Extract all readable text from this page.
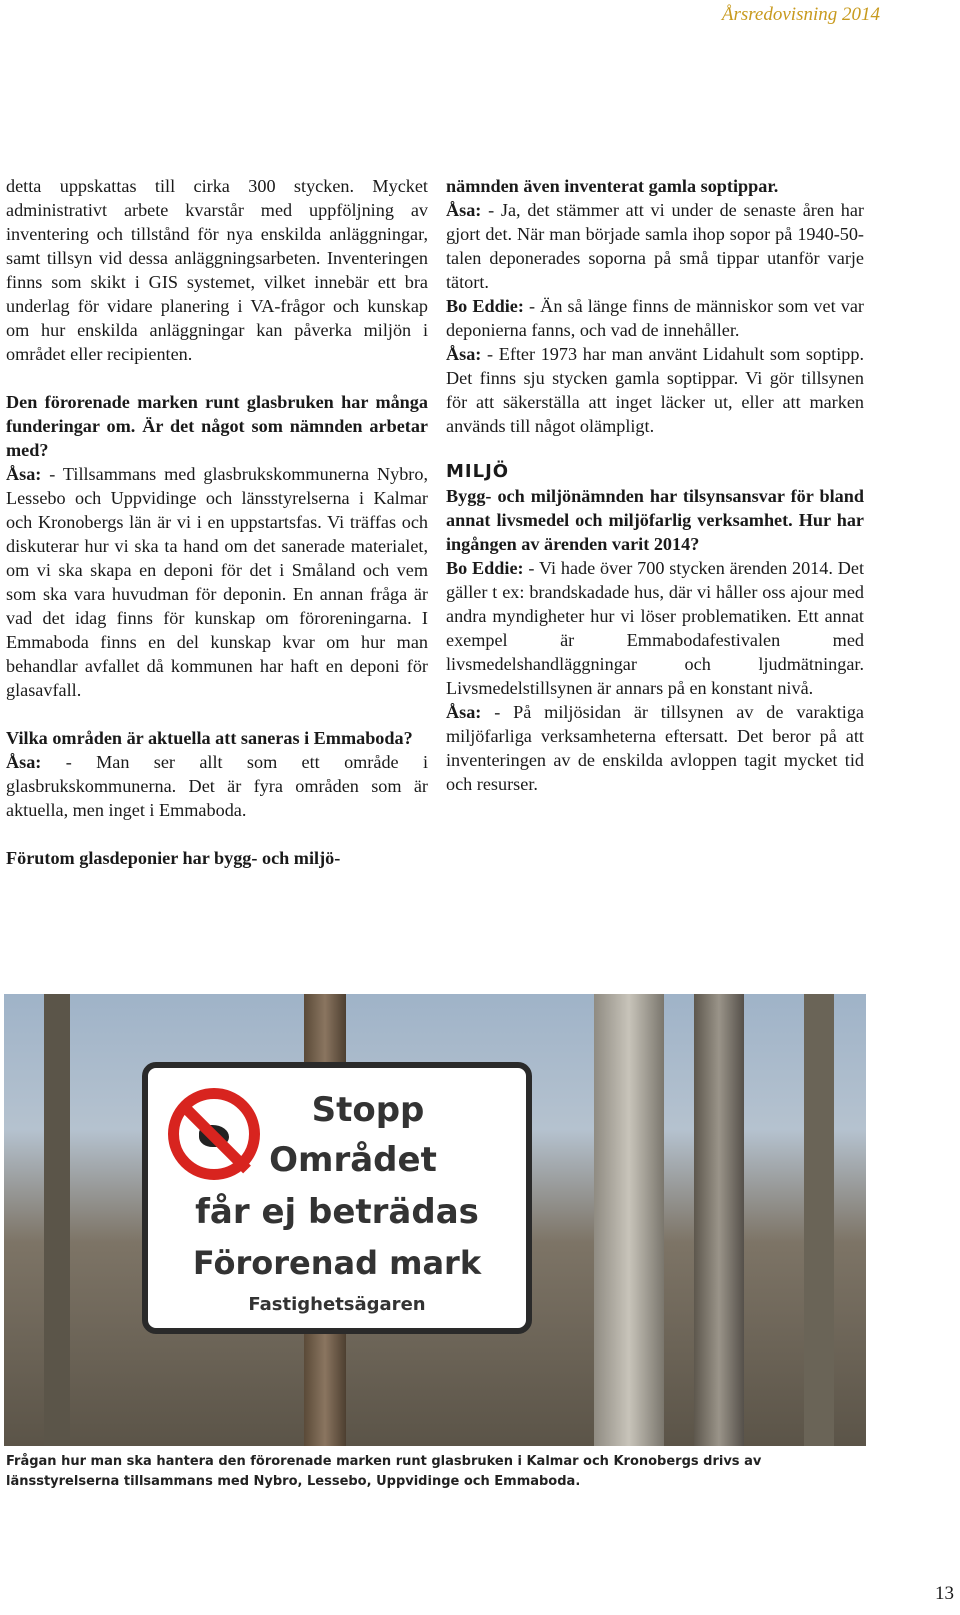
Årsredovisning 2014

detta uppskattas till cirka 300 stycken. Mycket administrativt arbete kvarstår med uppföljning av inventering och tillstånd för nya enskilda anläggningar, samt tillsyn vid dessa anläggningsarbeten. Inventeringen finns som skikt i GIS systemet, vilket innebär ett bra underlag för vidare planering i VA-frågor och kunskap om hur enskilda anläggningar kan påverka miljön i området eller recipienten.

Den förorenade marken runt glasbruken har många funderingar om. Är det något som nämnden arbetar med?

Åsa: - Tillsammans med glasbrukskommunerna Nybro, Lessebo och Uppvidinge och länsstyrelserna i Kalmar och Kronobergs län är vi i en uppstartsfas. Vi träffas och diskuterar hur vi ska ta hand om det sanerade materialet, om vi ska skapa en deponi för det i Småland och vem som ska vara huvudman för deponin. En annan fråga är vad det idag finns för kunskap om föroreningarna. I Emmaboda finns en del kunskap kvar om hur man behandlar avfallet då kommunen har haft en deponi för glasavfall.

Vilka områden är aktuella att saneras i Emmaboda?

Åsa: - Man ser allt som ett område i glasbrukskommunerna. Det är fyra områden som är aktuella, men inget i Emmaboda.

Förutom glasdeponier har bygg- och miljö-

nämnden även inventerat gamla soptippar.

Åsa: - Ja, det stämmer att vi under de senaste åren har gjort det. När man började samla ihop sopor på 1940-50-talen deponerades soporna på små tippar utanför varje tätort.

Bo Eddie: - Än så länge finns de människor som vet var deponierna fanns, och vad de innehåller.

Åsa: - Efter 1973 har man använt Lidahult som soptipp. Det finns sju stycken gamla soptippar. Vi gör tillsynen för att säkerställa att inget läcker ut, eller att marken används till något olämpligt.

MILJÖ

Bygg- och miljönämnden har tilsynsansvar för bland annat livsmedel och miljöfarlig verksamhet. Hur har ingången av ärenden varit 2014?

Bo Eddie: - Vi hade över 700 stycken ärenden 2014. Det gäller t ex: brandskadade hus, där vi håller oss ajour med andra myndigheter hur vi löser problematiken. Ett annat exempel är Emmabodafestivalen med livsmedelshandläggningar och ljudmätningar. Livsmedelstillsynen är annars på en konstant nivå.

Åsa: - På miljösidan är tillsynen av de varaktiga miljöfarliga verksamheterna eftersatt. Det beror på att inventeringen av de enskilda avloppen tagit mycket tid och resurser.

Stopp
Området
får ej beträdas
Förorenad mark
Fastighetsägaren
Frågan hur man ska hantera den förorenade marken runt glasbruken i Kalmar och Kronobergs drivs av länsstyrelserna tillsammans med Nybro, Lessebo, Uppvidinge och Emmaboda.
13
